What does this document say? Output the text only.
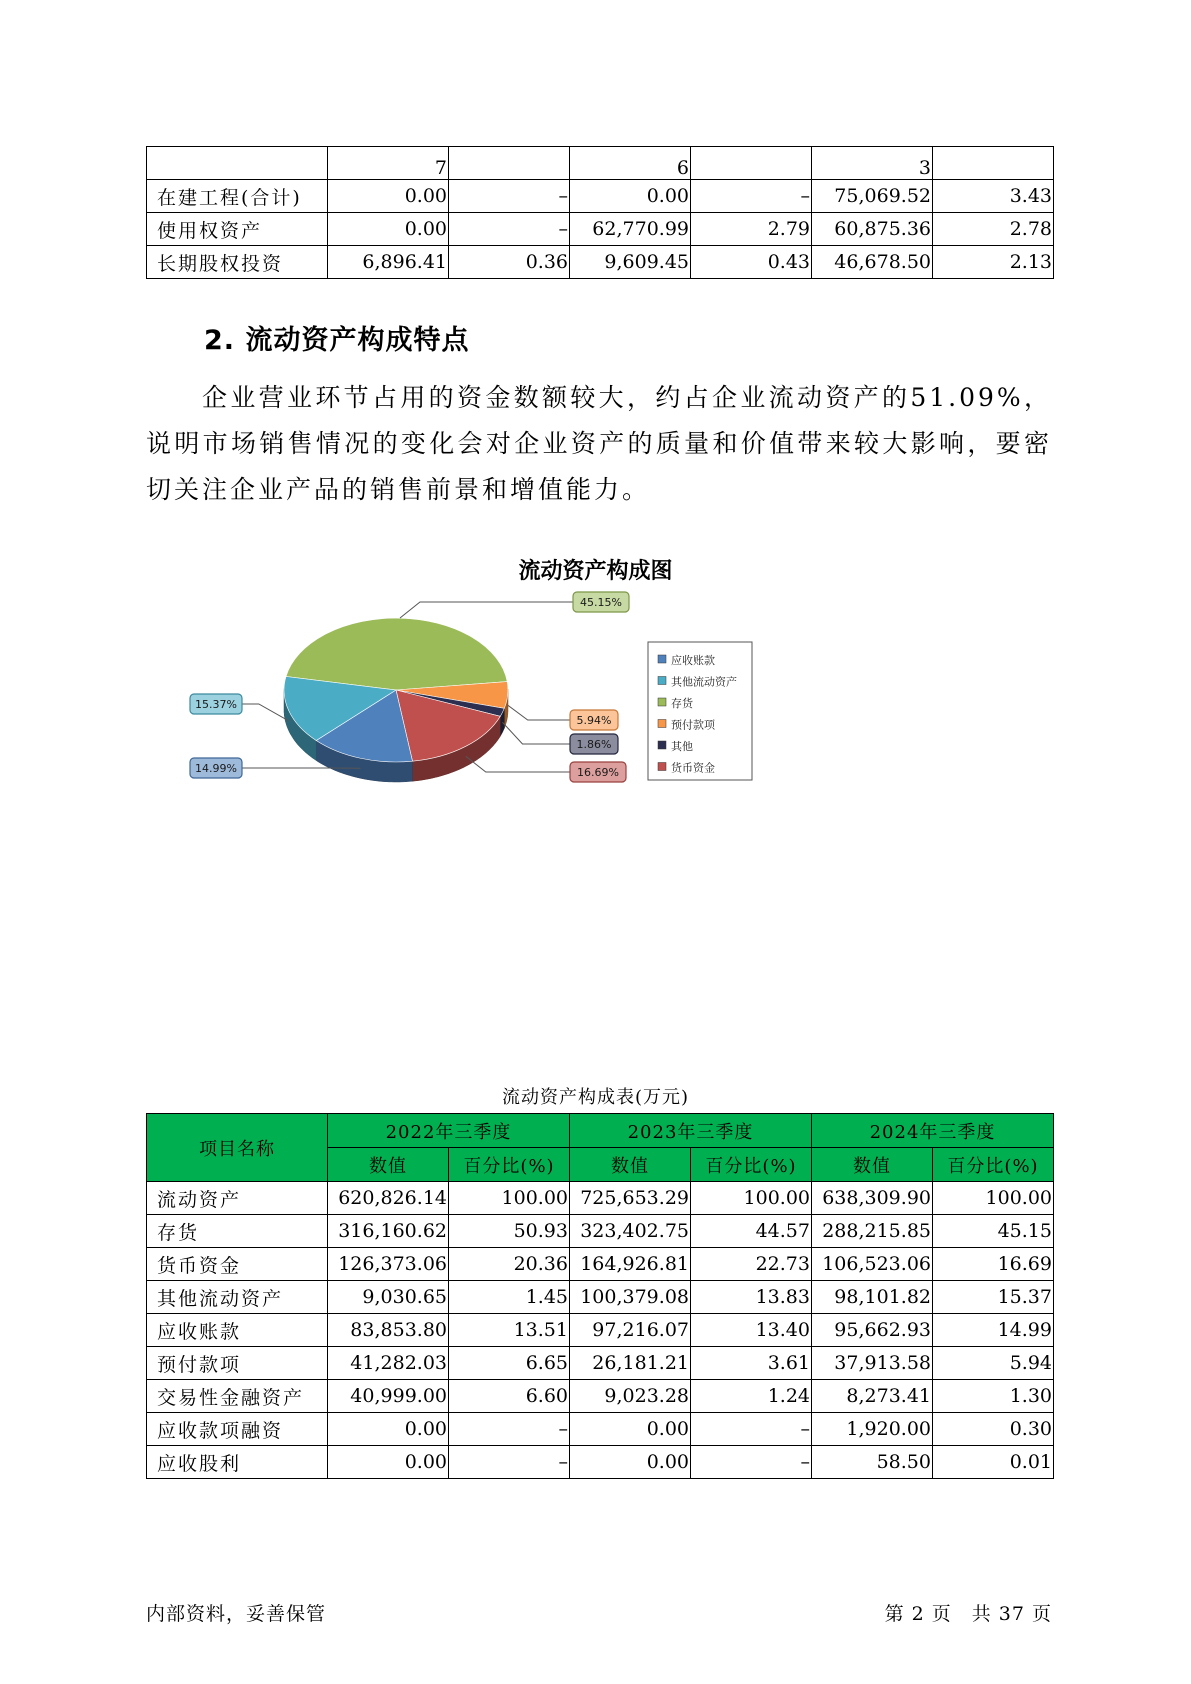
	7		6		3	
在建工程(合计)	0.00	–	0.00	–	75,069.52	3.43
使用权资产	0.00	–	62,770.99	2.79	60,875.36	2.78
长期股权投资	6,896.41	0.36	9,609.45	0.43	46,678.50	2.13
2. 流动资产构成特点
企业营业环节占用的资金数额较大，约占企业流动资产的51.09%，说明市场销售情况的变化会对企业资产的质量和价值带来较大影响，要密切关注企业产品的销售前景和增值能力。
流动资产构成图
45.15%
5.94%
1.86%
16.69%
14.99%
15.37%
应收账款
其他流动资产
存货
预付款项
其他
货币资金
流动资产构成表(万元)
项目名称	2022年三季度		2023年三季度		2024年三季度	
	数值	百分比(%)	数值	百分比(%)	数值	百分比(%)
流动资产	620,826.14	100.00	725,653.29	100.00	638,309.90	100.00
存货	316,160.62	50.93	323,402.75	44.57	288,215.85	45.15
货币资金	126,373.06	20.36	164,926.81	22.73	106,523.06	16.69
其他流动资产	9,030.65	1.45	100,379.08	13.83	98,101.82	15.37
应收账款	83,853.80	13.51	97,216.07	13.40	95,662.93	14.99
预付款项	41,282.03	6.65	26,181.21	3.61	37,913.58	5.94
交易性金融资产	40,999.00	6.60	9,023.28	1.24	8,273.41	1.30
应收款项融资	0.00	–	0.00	–	1,920.00	0.30
应收股利	0.00	–	0.00	–	58.50	0.01
内部资料，妥善保管	第 2 页　共 37 页
